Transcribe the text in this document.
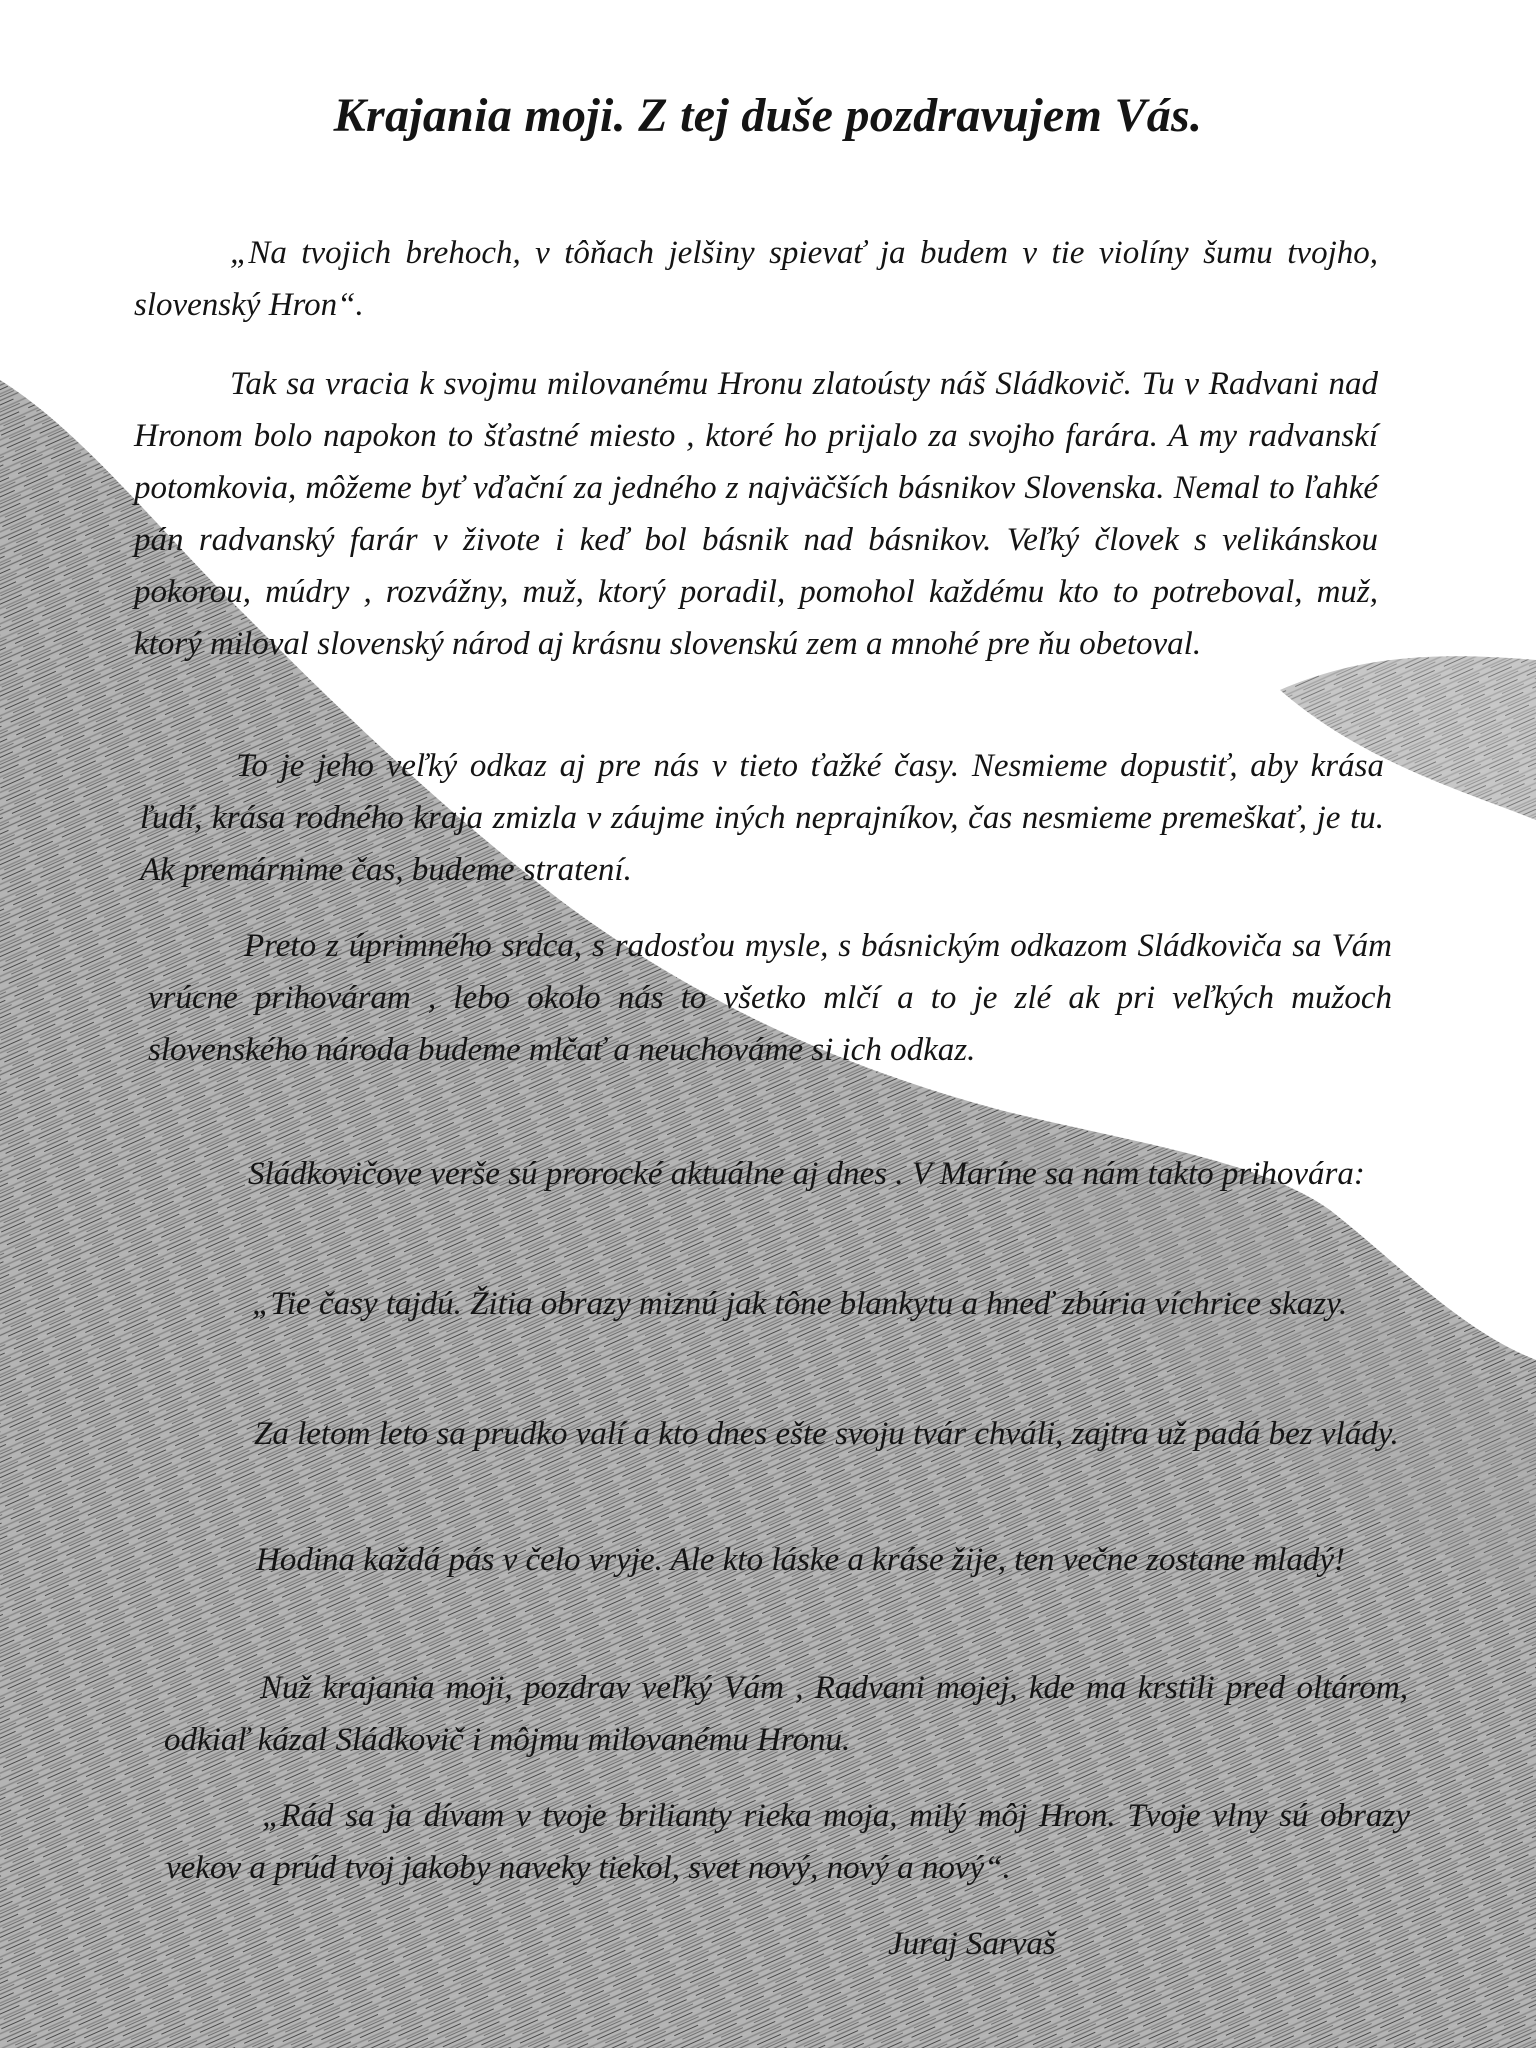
Krajania moji. Z tej duše pozdravujem Vás.

„Na tvojich brehoch, v tôňach jelšiny spievať ja budem v tie violíny šumu tvojho, slovenský Hron“.

Tak sa vracia k svojmu milovanému Hronu zlatoústy náš Sládkovič. Tu v Radvani nad Hronom bolo napokon to šťastné miesto , ktoré ho prijalo za svojho farára. A my radvanskí potomkovia, môžeme byť vďační za jedného z najväčších básnikov Slovenska. Nemal to ľahké pán radvanský farár v živote i keď bol básnik nad básnikov. Veľký človek s velikánskou pokorou, múdry , rozvážny, muž, ktorý poradil, pomohol každému kto to potreboval, muž, ktorý miloval slovenský národ aj krásnu slovenskú zem a mnohé pre ňu obetoval.

To je jeho veľký odkaz aj pre nás v tieto ťažké časy. Nesmieme dopustiť, aby krása ľudí, krása rodného kraja zmizla v záujme iných neprajníkov, čas nesmieme premeškať, je tu. Ak premárnime čas, budeme stratení.

Preto z úprimného srdca, s radosťou mysle, s básnickým odkazom Sládkoviča sa Vám vrúcne prihováram , lebo okolo nás to všetko mlčí a to je zlé ak pri veľkých mužoch slovenského národa budeme mlčať a neuchováme si ich odkaz.

Sládkovičove verše sú prorocké aktuálne aj dnes . V Maríne sa nám takto prihovára:

„Tie časy tajdú. Žitia obrazy miznú jak tône blankytu a hneď zbúria víchrice skazy.

Za letom leto sa prudko valí a kto dnes ešte svoju tvár chváli, zajtra už padá bez vlády.

Hodina každá pás v čelo vryje. Ale kto láske a kráse žije, ten večne zostane mladý!

Nuž krajania moji, pozdrav veľký Vám , Radvani mojej, kde ma krstili pred oltárom, odkiaľ kázal Sládkovič i môjmu milovanému Hronu.

„Rád sa ja dívam v tvoje brilianty rieka moja, milý môj Hron. Tvoje vlny sú obrazy vekov a prúd tvoj jakoby naveky tiekol, svet nový, nový a nový“.

Juraj Sarvaš
